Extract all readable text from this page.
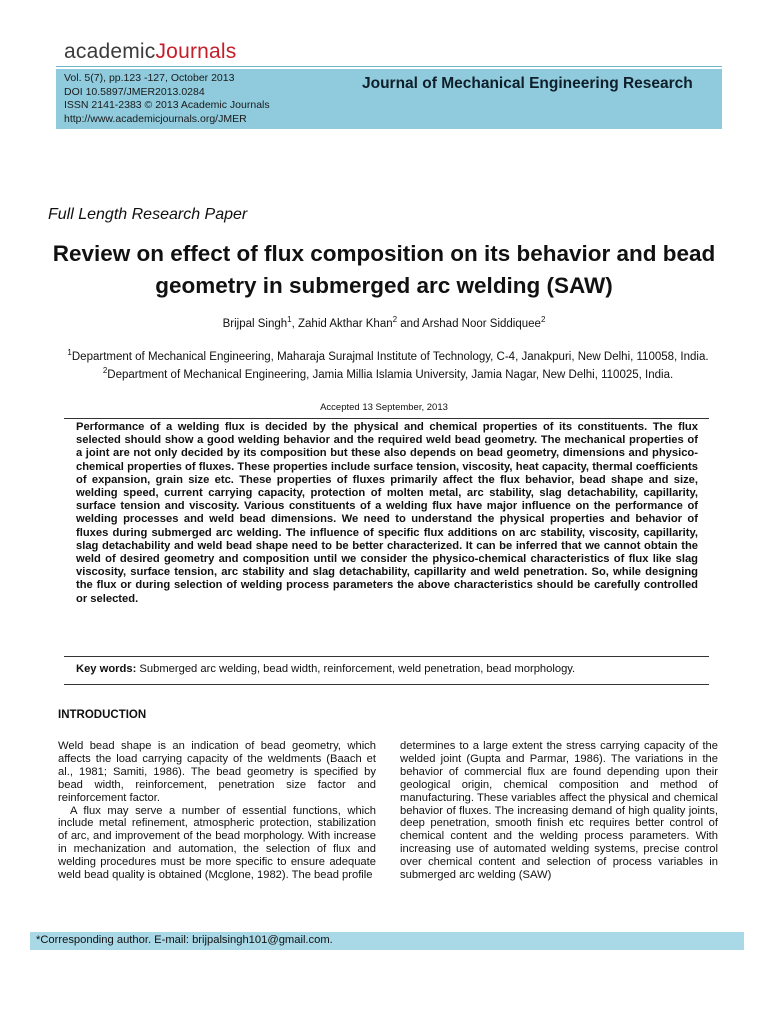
academicJournals
Vol. 5(7), pp.123 -127, October 2013
DOI 10.5897/JMER2013.0284
ISSN 2141-2383 © 2013 Academic Journals
http://www.academicjournals.org/JMER
Journal of Mechanical Engineering Research
Full Length Research Paper
Review on effect of flux composition on its behavior and bead geometry in submerged arc welding (SAW)
Brijpal Singh$^1$, Zahid Akthar Khan$^2$ and Arshad Noor Siddiquee$^2$
$^1$Department of Mechanical Engineering, Maharaja Surajmal Institute of Technology, C-4, Janakpuri, New Delhi, 110058, India.
$^2$Department of Mechanical Engineering, Jamia Millia Islamia University, Jamia Nagar, New Delhi, 110025, India.
Accepted 13 September, 2013
Performance of a welding flux is decided by the physical and chemical properties of its constituents. The flux selected should show a good welding behavior and the required weld bead geometry. The mechanical properties of a joint are not only decided by its composition but these also depends on bead geometry, dimensions and physico-chemical properties of fluxes. These properties include surface tension, viscosity, heat capacity, thermal coefficients of expansion, grain size etc. These properties of fluxes primarily affect the flux behavior, bead shape and size, welding speed, current carrying capacity, protection of molten metal, arc stability, slag detachability, capillarity, surface tension and viscosity. Various constituents of a welding flux have major influence on the performance of welding processes and weld bead dimensions. We need to understand the physical properties and behavior of fluxes during submerged arc welding. The influence of specific flux additions on arc stability, viscosity, capillarity, slag detachability and weld bead shape need to be better characterized. It can be inferred that we cannot obtain the weld of desired geometry and composition until we consider the physico-chemical characteristics of flux like slag viscosity, surface tension, arc stability and slag detachability, capillarity and weld penetration. So, while designing the flux or during selection of welding process parameters the above characteristics should be carefully controlled or selected.
Key words: Submerged arc welding, bead width, reinforcement, weld penetration, bead morphology.
INTRODUCTION

Weld bead shape is an indication of bead geometry, which affects the load carrying capacity of the weldments (Baach et al., 1981; Samiti, 1986). The bead geometry is specified by bead width, reinforcement, penetration size factor and reinforcement factor.

A flux may serve a number of essential functions, which include metal refinement, atmospheric protection, stabilization of arc, and improvement of the bead morphology. With increase in mechanization and automation, the selection of flux and welding procedures must be more specific to ensure adequate weld bead quality is obtained (Mcglone, 1982). The bead profile

determines to a large extent the stress carrying capacity of the welded joint (Gupta and Parmar, 1986). The variations in the behavior of commercial flux are found depending upon their geological origin, chemical composition and method of manufacturing. These variables affect the physical and chemical behavior of fluxes. The increasing demand of high quality joints, deep penetration, smooth finish etc requires better control of chemical content and the welding process parameters. With increasing use of automated welding systems, precise control over chemical content and selection of process variables in submerged arc welding (SAW)

*Corresponding author. E-mail: brijpalsingh101@gmail.com.
